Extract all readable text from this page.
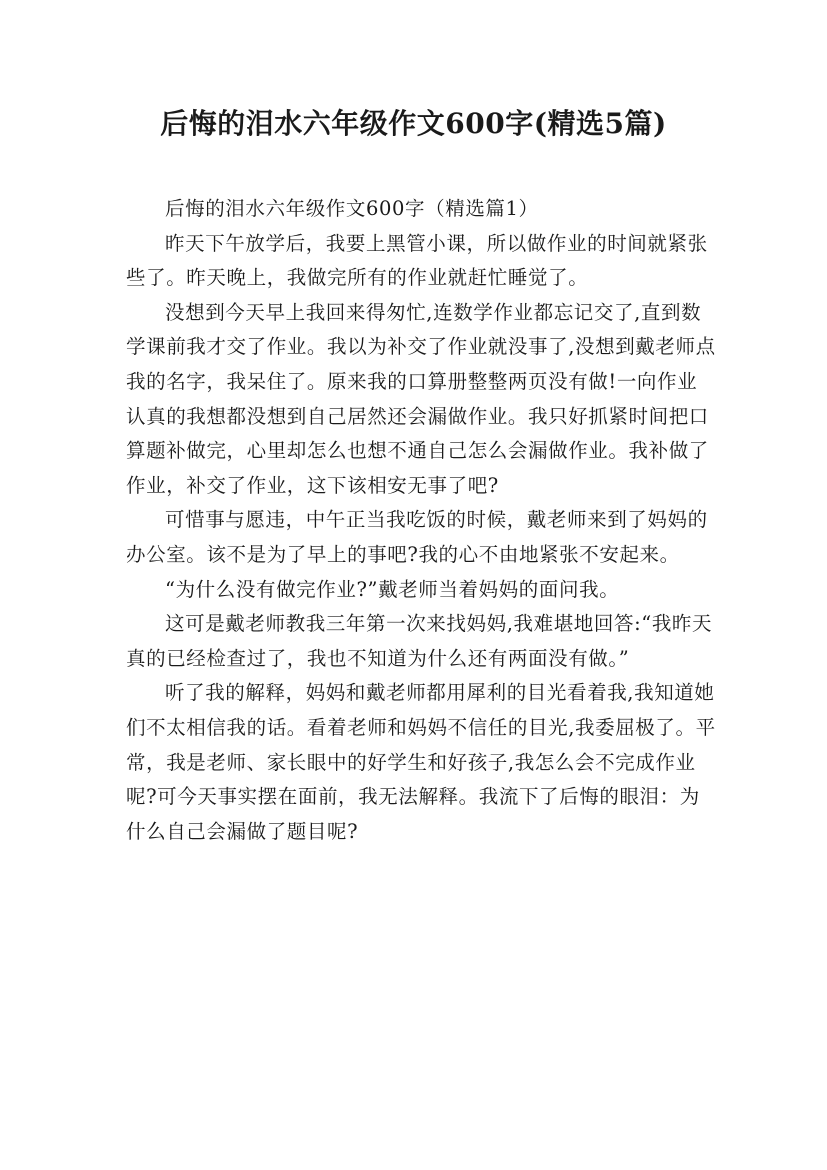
后悔的泪水六年级作文600字(精选5篇)

后悔的泪水六年级作文600字（精选篇1）

昨天下午放学后，我要上黑管小课，所以做作业的时间就紧张些了。昨天晚上，我做完所有的作业就赶忙睡觉了。

没想到今天早上我回来得匆忙,连数学作业都忘记交了,直到数学课前我才交了作业。我以为补交了作业就没事了,没想到戴老师点我的名字，我呆住了。原来我的口算册整整两页没有做!一向作业认真的我想都没想到自己居然还会漏做作业。我只好抓紧时间把口算题补做完，心里却怎么也想不通自己怎么会漏做作业。我补做了作业，补交了作业，这下该相安无事了吧?

可惜事与愿违，中午正当我吃饭的时候，戴老师来到了妈妈的办公室。该不是为了早上的事吧?我的心不由地紧张不安起来。

“为什么没有做完作业?”戴老师当着妈妈的面问我。

这可是戴老师教我三年第一次来找妈妈,我难堪地回答:“我昨天真的已经检查过了，我也不知道为什么还有两面没有做。”

听了我的解释，妈妈和戴老师都用犀利的目光看着我,我知道她们不太相信我的话。看着老师和妈妈不信任的目光,我委屈极了。平常，我是老师、家长眼中的好学生和好孩子,我怎么会不完成作业呢?可今天事实摆在面前，我无法解释。我流下了后悔的眼泪：为什么自己会漏做了题目呢?
